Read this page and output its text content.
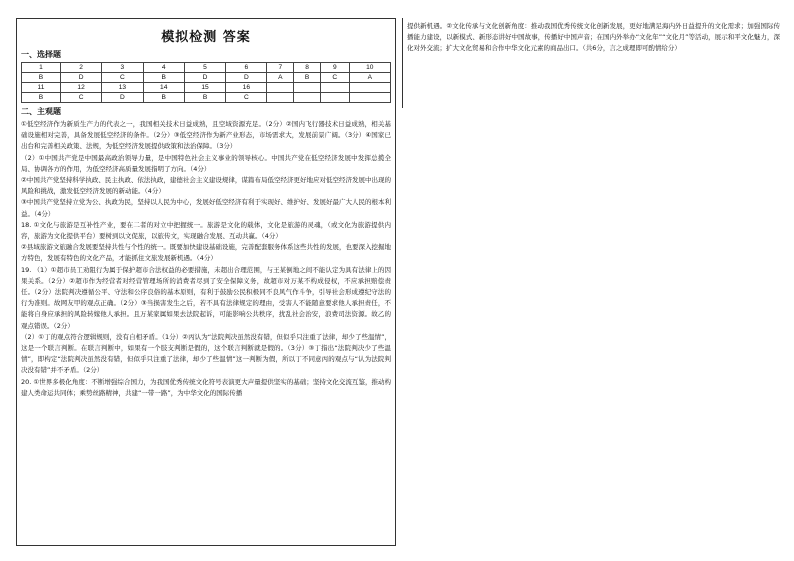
模拟检测 答案
一、选择题
1	2	3	4	5	6	7	8	9	10
B	D	C	B	D	D	A	B	C	A
11	12	13	14	15	16				
B	C	D	B	B	C				
二、主观题

①低空经济作为新质生产力的代表之一，我国相关技术日益成熟，且空域资源充足。（2分）②国内飞行器技术日益成熟，相关基础设施相对完善，具备发展低空经济的条件。（2分）③低空经济作为新产业形态，市场需求大，发展前景广阔。（3分）④国家已出台和完善相关政策、法规，为低空经济发展提供政策和法治保障。（3分）

（2）①中国共产党是中国最高政治领导力量，是中国特色社会主义事业的领导核心。中国共产党在低空经济发展中发挥总揽全局、协调各方的作用，为低空经济高质量发展指明了方向。（4分）

②中国共产党坚持科学执政、民主执政、依法执政，建德社会主义建设规律，谋篇布局低空经济更好地应对低空经济发展中出现的风险和挑战，激发低空经济发展的新动能。（4分）

③中国共产党坚持立党为公、执政为民，坚持以人民为中心，发展好低空经济有利于实现好、维护好、发展好最广大人民的根本利益。（4分）

18. ①文化与旅游是互补性产业，要在二者的对立中把握统一。旅游是文化的载体，文化是旅游的灵魂，（或文化为旅游提供内容，旅游为文化提供平台）要树到以文促旅，以旅传文，实现融合发展、互动共赢。（4分）

②县域旅游文旅融合发展要坚持共性与个性的统一。既要加快建设基础设施，完善配套服务体系这些共性的发展，也要深入挖掘地方特色，发展有特色的文化产品，才能抓住文旅发展新机遇。（4分）

19. （1）①超市员工劝阻行为属于保护超市合法权益的必要措施，未超出合理范围，与王某倒地之间不能认定为具有法律上的因果关系。（2分）②超市作为经营者对经营管理场所的消费者尽到了安全保障义务，故超市对万某不构成侵权，不应承担赔偿责任。（2分）法院判决遵循公平、守法和公序良俗的基本原则，有利于鼓励公民积极同不良风气作斗争，引导社会形成遵纪守法的行为准则。故网友甲的观点正确。（2分）③当损害发生之后，若不具有法律规定的理由，受害人不能随意要求他人承担责任，不能将自身应承担的风险转嫁他人承担。且万某家属如果去法院起诉，可能影响公共秩序，扰乱社会治安，浪费司法资源。故乙的观点错误。（2分）

（2）①丁的观点符合逻辑规则，没有自相矛盾。（1分）②丙认为“法院判决虽然没有错，但似乎只注重了法律，却少了些温情”，这是一个联言判断。在联言判断中，如果有一个肢支判断是假的，这个联言判断就是假的。（3分）③丁指出“法院判决少了些温情”，即构定“法院判决虽然没有错，但似乎只注重了法律，却少了些温情”这一判断为假，所以丁不同意丙的观点与“认为法院判决没有错”并不矛盾。（2分）

20. ①世界多极化角度：不断增强综合国力，为我国优秀传统文化符号表演更大声量提供坚实的基础；坚持文化交流互鉴，推动构建人类命运共同体；乘势丝路精神，共建“一带一路”，为中华文化的国际传播

提供新机遇。②文化传承与文化创新角度：推动我国优秀传统文化创新发展，更好地满足海内外日益提升的文化需求；加强国际传播能力建设，以新模式、新形态讲好中国故事，传播好中国声音；在国内外举办“文化年”“文化月”等活动，展示和平文化魅力，深化对外交流；扩大文化贸易和合作中华文化元素的商品出口。（共6分，言之成理即可酌情给分）
